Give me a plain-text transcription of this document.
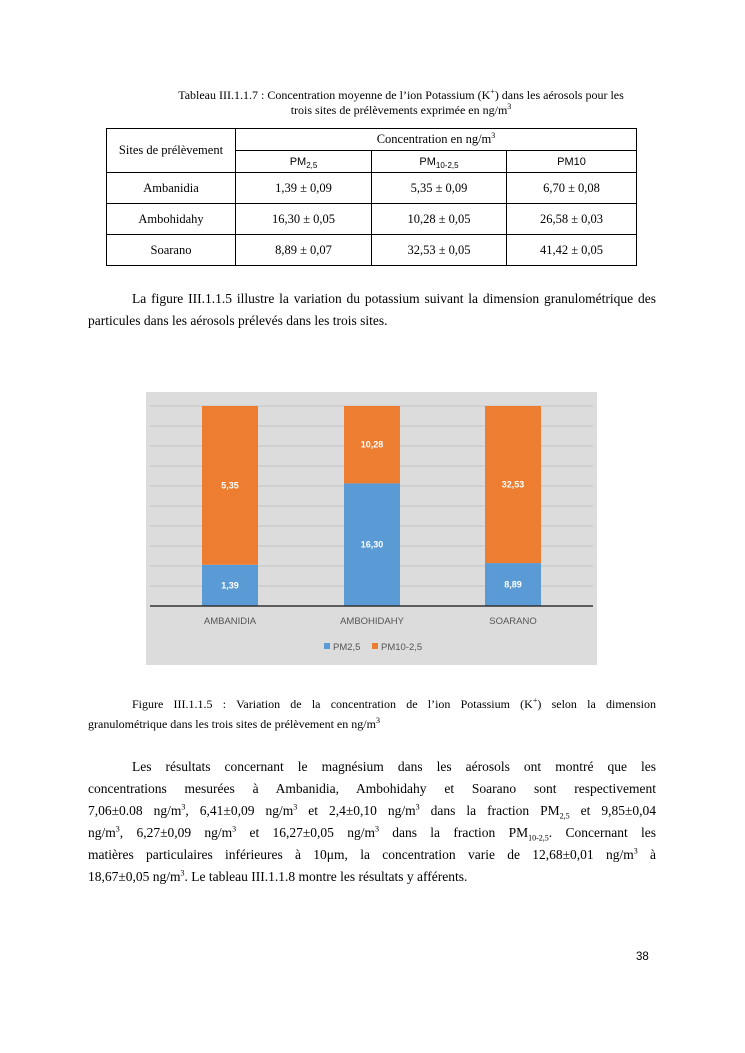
Tableau III.1.1.7 : Concentration moyenne de l’ion Potassium (K+) dans les aérosols pour les
trois sites de prélèvements exprimée en $ng/m^3$
Sites de prélèvement	Concentration en $ng/m^3$
	$PM_{2,5}$	$PM_{10-2,5}$	PM10
Ambanidia	1,39 ± 0,09	5,35 ± 0,09	6,70 ± 0,08
Ambohidahy	16,30 ± 0,05	10,28 ± 0,05	26,58 ± 0,03
Soarano	8,89 ± 0,07	32,53 ± 0,05	41,42 ± 0,05
La figure III.1.1.5 illustre la variation du potassium suivant la dimension granulométrique des particules dans les aérosols prélevés dans les trois sites.
1,39
5,35
16,30
10,28
8,89
32,53
AMBANIDIA	AMBOHIDAHY	SOARANO
PM2,5 PM10-2,5
Figure III.1.1.5 : Variation de la concentration de l’ion Potassium (K+) selon la dimension
granulométrique dans les trois sites de prélèvement en $ng/m^3$
Les résultats concernant le magnésium dans les aérosols ont montré que les
concentrations mesurées à Ambanidia, Ambohidahy et Soarano sont respectivement
7,06±0.08 $ng/m^3$, 6,41±0,09 $ng/m^3$ et 2,4±0,10 $ng/m^3$ dans la fraction $PM_{2,5}$ et 9,85±0,04
$ng/m^3$, 6,27±0,09 $ng/m^3$ et 16,27±0,05 $ng/m^3$ dans la fraction $PM_{10-2,5}$. Concernant les
matières particulaires inférieures à 10μm, la concentration varie de 12,68±0,01 $ng/m^3$ à
18,67±0,05 $ng/m^3$. Le tableau III.1.1.8 montre les résultats y afférents.
38
